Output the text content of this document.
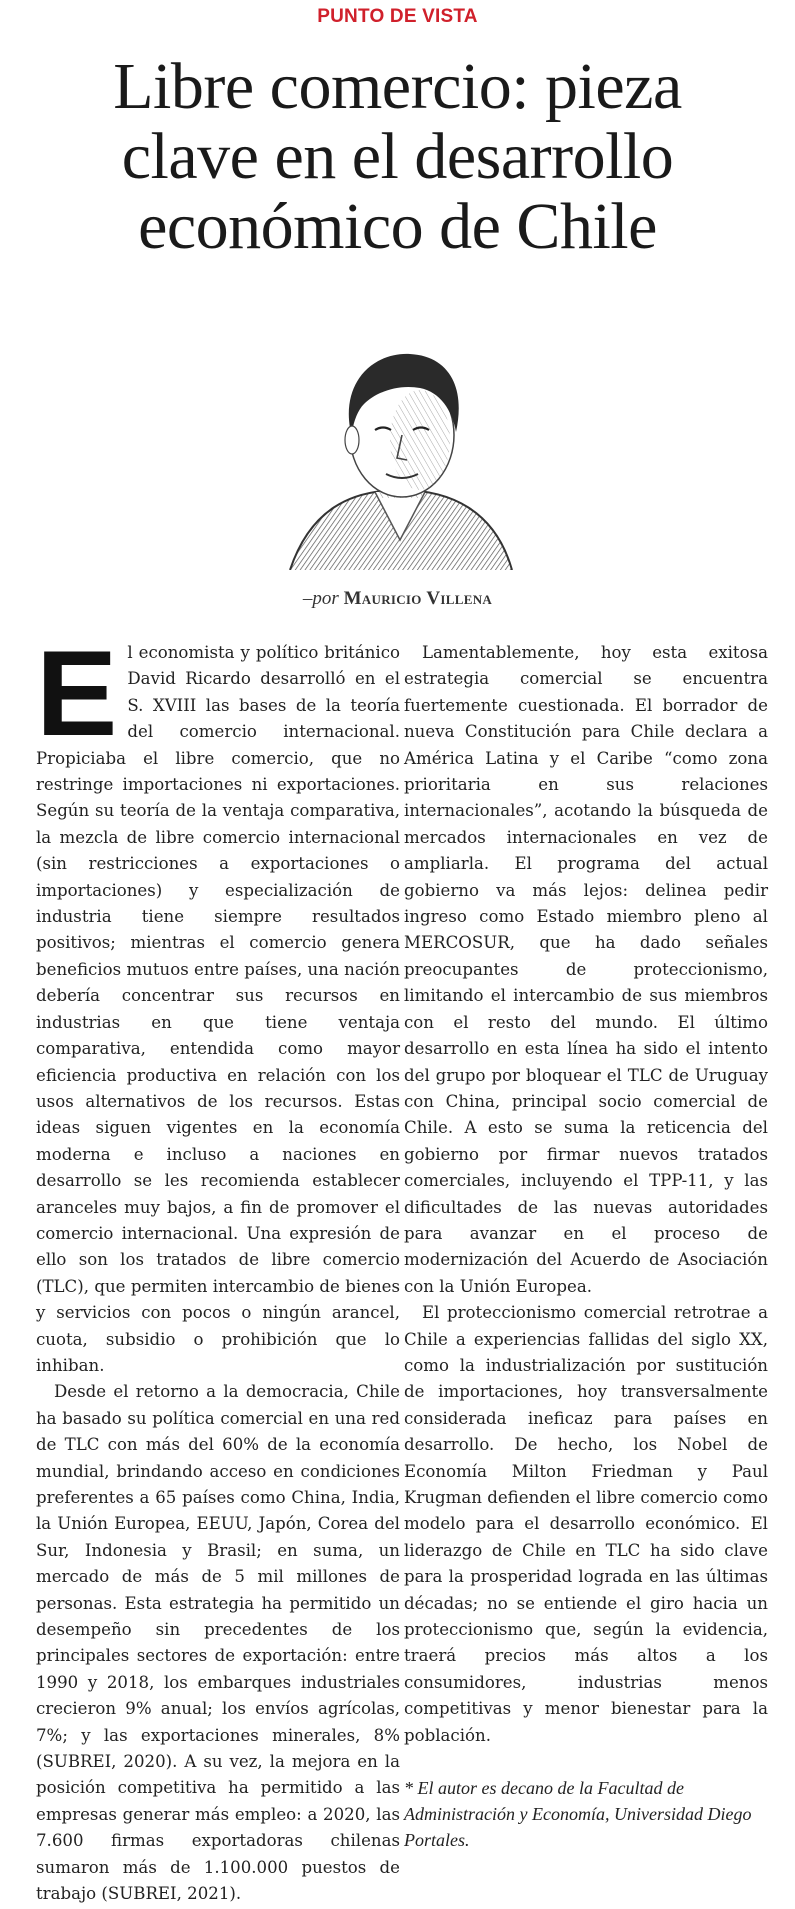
PUNTO DE VISTA
Libre comercio: pieza clave en el desarrollo económico de Chile
–por Mauricio Villena

El economista y político británico David Ricardo desarrolló en el S. XVIII las bases de la teoría del comercio internacional. Propiciaba el libre comercio, que no restringe importaciones ni exportaciones. Según su teoría de la ventaja comparativa, la mezcla de libre comercio internacional (sin restricciones a exportaciones o importaciones) y especialización de industria tiene siempre resultados positivos; mientras el comercio genera beneficios mutuos entre países, una nación debería concentrar sus recursos en industrias en que tiene ventaja comparativa, entendida como mayor eficiencia productiva en relación con los usos alternativos de los recursos. Estas ideas siguen vigentes en la economía moderna e incluso a naciones en desarrollo se les recomienda establecer aranceles muy bajos, a fin de promover el comercio internacional. Una expresión de ello son los tratados de libre comercio (TLC), que permiten intercambio de bienes y servicios con pocos o ningún arancel, cuota, subsidio o prohibición que lo inhiban.

Desde el retorno a la democracia, Chile ha basado su política comercial en una red de TLC con más del 60% de la economía mundial, brindando acceso en condiciones preferentes a 65 países como China, India, la Unión Europea, EEUU, Japón, Corea del Sur, Indonesia y Brasil; en suma, un mercado de más de 5 mil millones de personas. Esta estrategia ha permitido un desempeño sin precedentes de los principales sectores de exportación: entre 1990 y 2018, los embarques industriales crecieron 9% anual; los envíos agrícolas, 7%; y las exportaciones minerales, 8% (SUBREI, 2020). A su vez, la mejora en la posición competitiva ha permitido a las empresas generar más empleo: a 2020, las 7.600 firmas exportadoras chilenas sumaron más de 1.100.000 puestos de trabajo (SUBREI, 2021).

Lamentablemente, hoy esta exitosa estrategia comercial se encuentra fuertemente cuestionada. El borrador de nueva Constitución para Chile declara a América Latina y el Caribe “como zona prioritaria en sus relaciones internacionales”, acotando la búsqueda de mercados internacionales en vez de ampliarla. El programa del actual gobierno va más lejos: delinea pedir ingreso como Estado miembro pleno al MERCOSUR, que ha dado señales preocupantes de proteccionismo, limitando el intercambio de sus miembros con el resto del mundo. El último desarrollo en esta línea ha sido el intento del grupo por bloquear el TLC de Uruguay con China, principal socio comercial de Chile. A esto se suma la reticencia del gobierno por firmar nuevos tratados comerciales, incluyendo el TPP-11, y las dificultades de las nuevas autoridades para avanzar en el proceso de modernización del Acuerdo de Asociación con la Unión Europea.

El proteccionismo comercial retrotrae a Chile a experiencias fallidas del siglo XX, como la industrialización por sustitución de importaciones, hoy transversalmente considerada ineficaz para países en desarrollo. De hecho, los Nobel de Economía Milton Friedman y Paul Krugman defienden el libre comercio como modelo para el desarrollo económico. El liderazgo de Chile en TLC ha sido clave para la prosperidad lograda en las últimas décadas; no se entiende el giro hacia un proteccionismo que, según la evidencia, traerá precios más altos a los consumidores, industrias menos competitivas y menor bienestar para la población.

* El autor es decano de la Facultad de Administración y Economía, Universidad Diego Portales.
